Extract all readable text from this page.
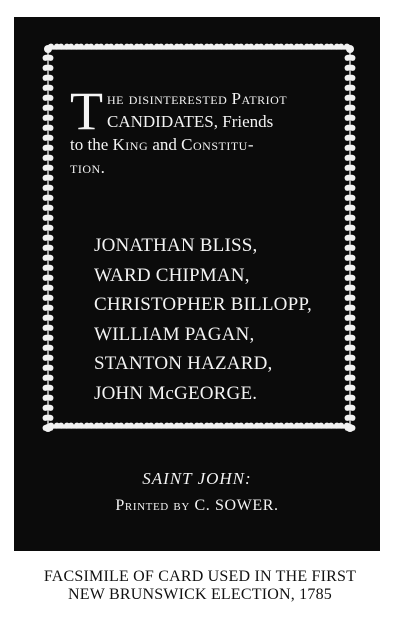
T he disinterested Patriot CANDIDATES, Friends
to the King and Constitu-
tion.
JONATHAN BLISS,
WARD CHIPMAN,
CHRISTOPHER BILLOPP,
WILLIAM PAGAN,
STANTON HAZARD,
JOHN McGEORGE.
SAINT JOHN:
Printed by C. SOWER.
FACSIMILE OF CARD USED IN THE FIRST
NEW BRUNSWICK ELECTION, 1785
